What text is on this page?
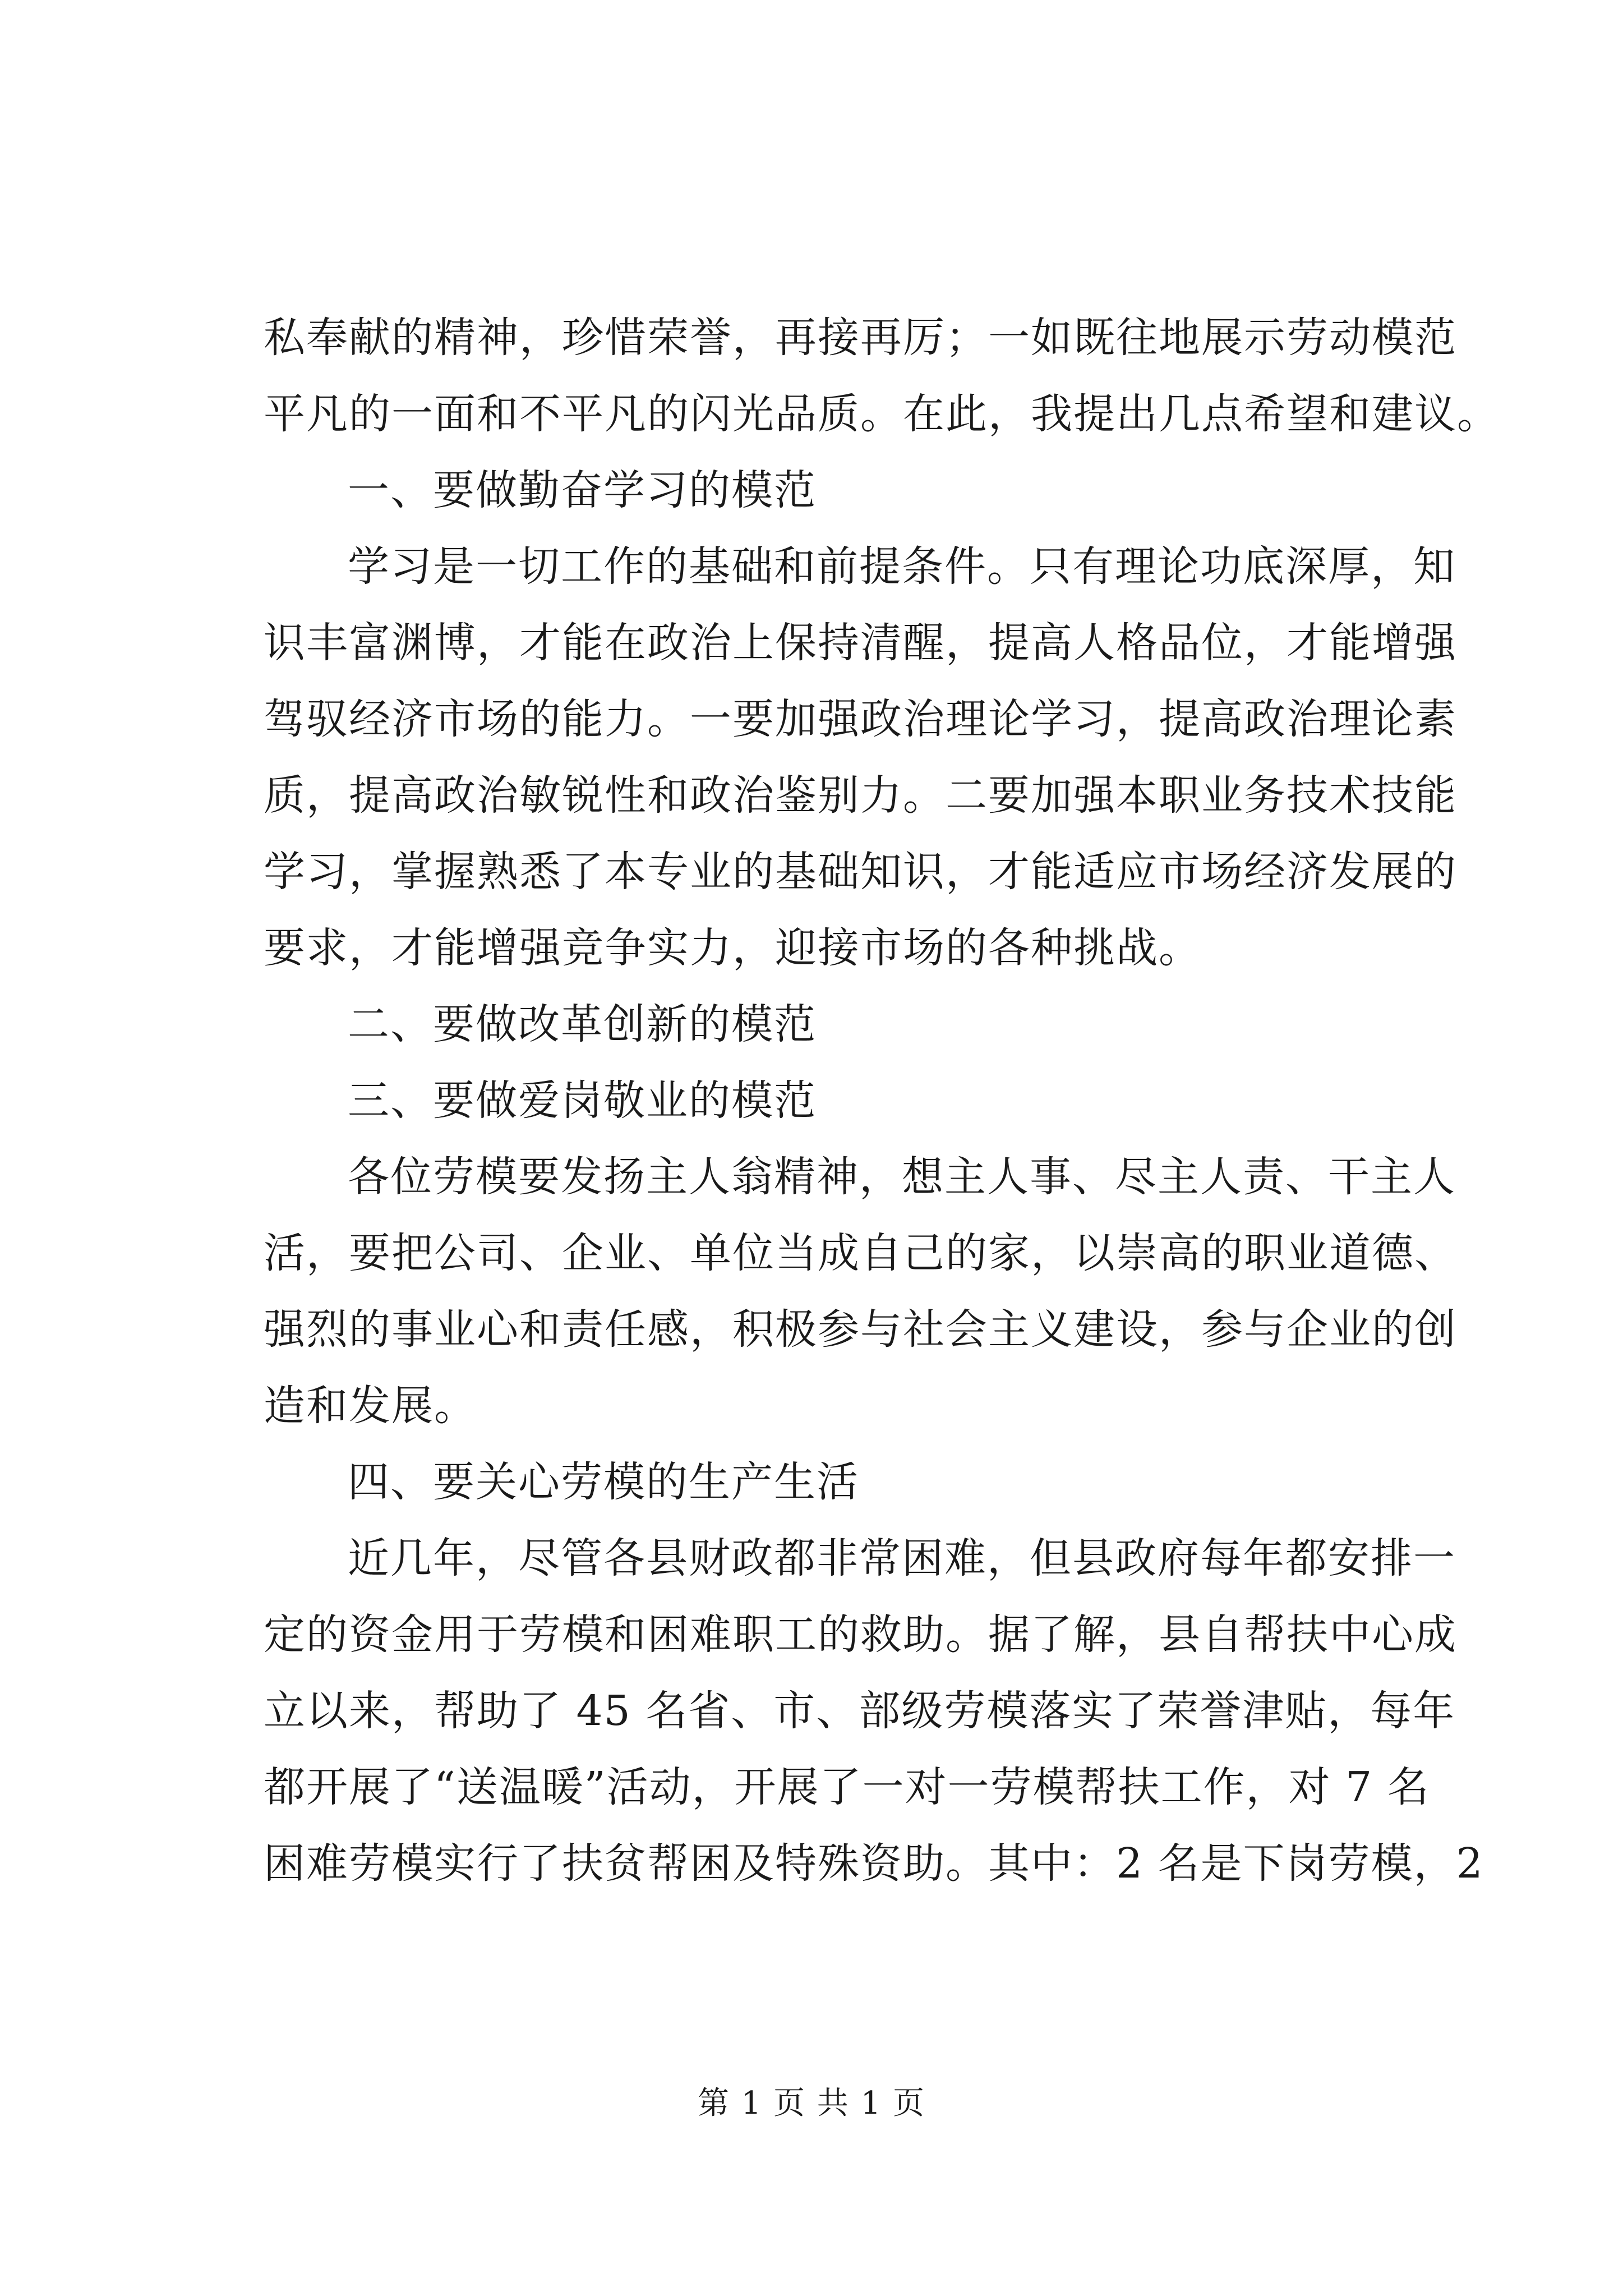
私奉献的精神，珍惜荣誉，再接再厉；一如既往地展示劳动模范
平凡的一面和不平凡的闪光品质。在此，我提出几点希望和建议。
一、要做勤奋学习的模范
学习是一切工作的基础和前提条件。只有理论功底深厚，知
识丰富渊博，才能在政治上保持清醒，提高人格品位，才能增强
驾驭经济市场的能力。一要加强政治理论学习，提高政治理论素
质，提高政治敏锐性和政治鉴别力。二要加强本职业务技术技能
学习，掌握熟悉了本专业的基础知识，才能适应市场经济发展的
要求，才能增强竞争实力，迎接市场的各种挑战。
二、要做改革创新的模范
三、要做爱岗敬业的模范
各位劳模要发扬主人翁精神，想主人事、尽主人责、干主人
活，要把公司、企业、单位当成自己的家，以崇高的职业道德、
强烈的事业心和责任感，积极参与社会主义建设，参与企业的创
造和发展。
四、要关心劳模的生产生活
近几年，尽管各县财政都非常困难，但县政府每年都安排一
定的资金用于劳模和困难职工的救助。据了解，县自帮扶中心成
立以来，帮助了 45 名省、市、部级劳模落实了荣誉津贴，每年
都开展了“送温暖”活动，开展了一对一劳模帮扶工作，对 7 名
困难劳模实行了扶贫帮困及特殊资助。其中：2 名是下岗劳模，2
第 1 页 共 1 页
